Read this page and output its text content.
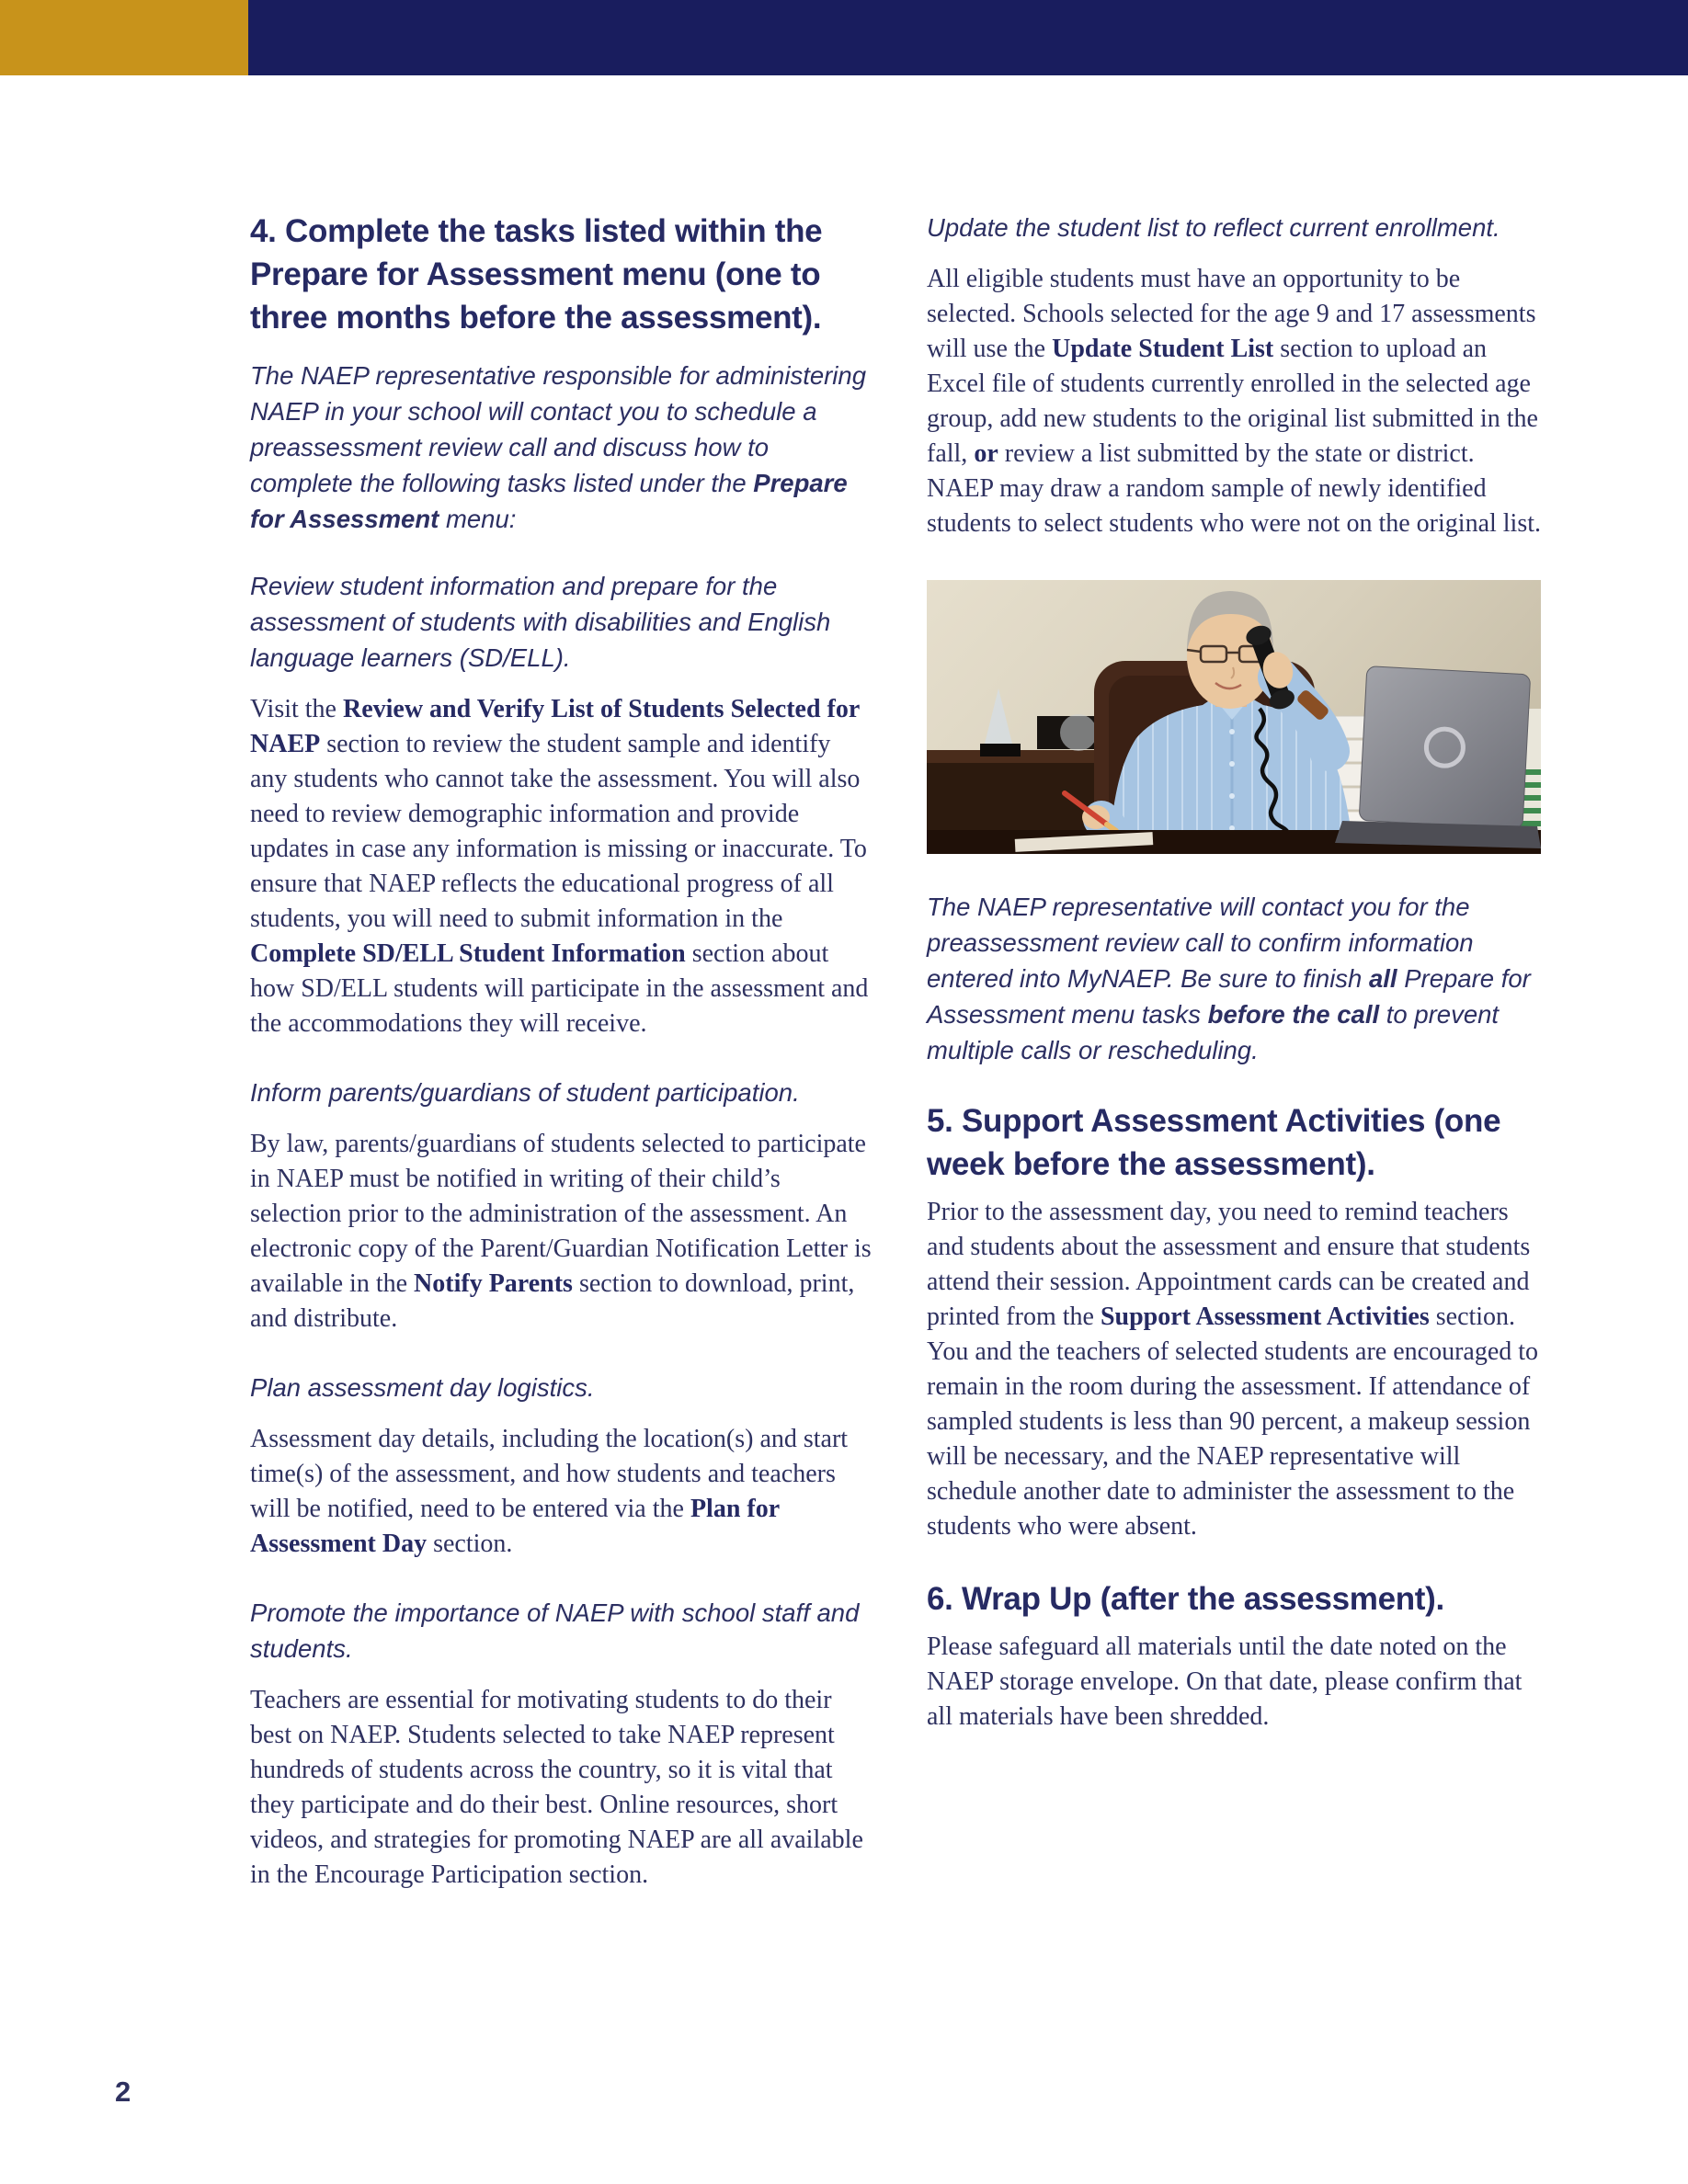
4. Complete the tasks listed within the Prepare for Assessment menu (one to three months before the assessment).

The NAEP representative responsible for administering NAEP in your school will contact you to schedule a preassessment review call and discuss how to complete the following tasks listed under the Prepare for Assessment menu:

Review student information and prepare for the assessment of students with disabilities and English language learners (SD/ELL).

Visit the Review and Verify List of Students Selected for NAEP section to review the student sample and identify any students who cannot take the assessment. You will also need to review demographic information and provide updates in case any information is missing or inaccurate. To ensure that NAEP reflects the educational progress of all students, you will need to submit information in the Complete SD/ELL Student Information section about how SD/ELL students will participate in the assessment and the accommodations they will receive.

Inform parents/guardians of student participation.

By law, parents/guardians of students selected to participate in NAEP must be notified in writing of their child’s selection prior to the administration of the assessment. An electronic copy of the Parent/Guardian Notification Letter is available in the Notify Parents section to download, print, and distribute.

Plan assessment day logistics.

Assessment day details, including the location(s) and start time(s) of the assessment, and how students and teachers will be notified, need to be entered via the Plan for Assessment Day section.

Promote the importance of NAEP with school staff and students.

Teachers are essential for motivating students to do their best on NAEP. Students selected to take NAEP represent hundreds of students across the country, so it is vital that they participate and do their best. Online resources, short videos, and strategies for promoting NAEP are all available in the Encourage Participation section.

Update the student list to reflect current enrollment.

All eligible students must have an opportunity to be selected. Schools selected for the age 9 and 17 assessments will use the Update Student List section to upload an Excel file of students currently enrolled in the selected age group, add new students to the original list submitted in the fall, or review a list submitted by the state or district. NAEP may draw a random sample of newly identified students to select students who were not on the original list.

The NAEP representative will contact you for the preassessment review call to confirm information entered into MyNAEP. Be sure to finish all Prepare for Assessment menu tasks before the call to prevent multiple calls or rescheduling.

5. Support Assessment Activities (one week before the assessment).

Prior to the assessment day, you need to remind teachers and students about the assessment and ensure that students attend their session. Appointment cards can be created and printed from the Support Assessment Activities section. You and the teachers of selected students are encouraged to remain in the room during the assessment. If attendance of sampled students is less than 90 percent, a makeup session will be necessary, and the NAEP representative will schedule another date to administer the assessment to the students who were absent.

6. Wrap Up (after the assessment).

Please safeguard all materials until the date noted on the NAEP storage envelope. On that date, please confirm that all materials have been shredded.

2
